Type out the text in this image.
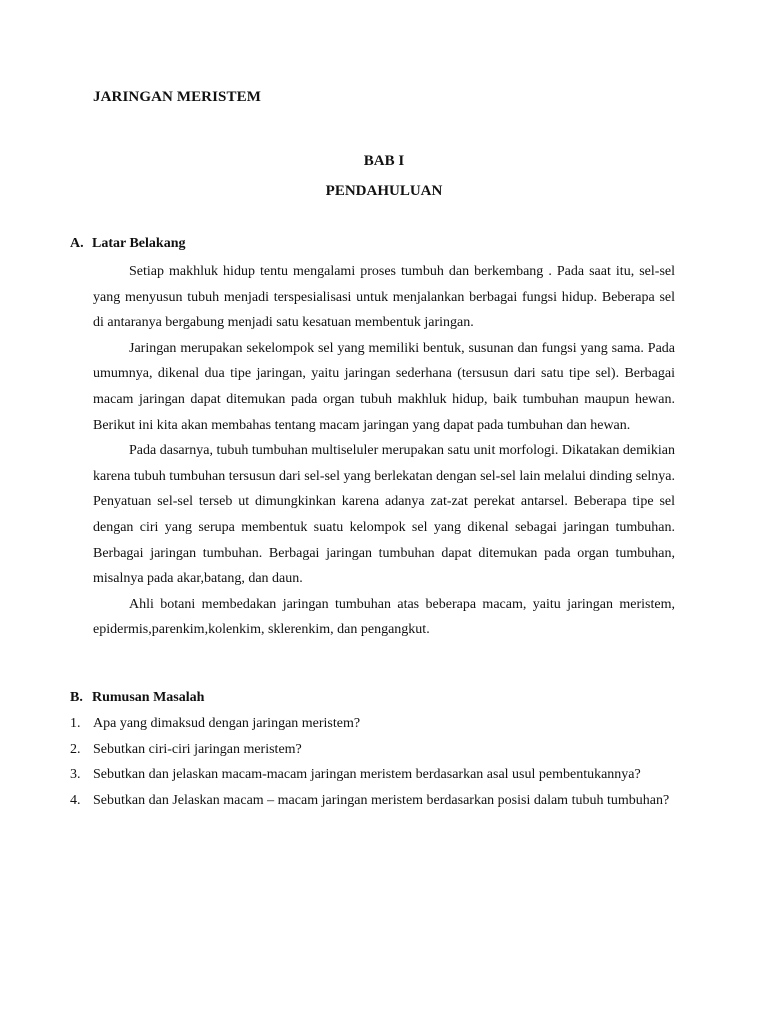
JARINGAN MERISTEM
BAB I
PENDAHULUAN
A. Latar Belakang

Setiap makhluk hidup tentu mengalami proses tumbuh dan berkembang . Pada saat itu, sel-sel yang menyusun tubuh menjadi terspesialisasi untuk menjalankan berbagai fungsi hidup. Beberapa sel di antaranya bergabung menjadi satu kesatuan membentuk jaringan.

Jaringan merupakan sekelompok sel yang memiliki bentuk, susunan dan fungsi yang sama. Pada umumnya, dikenal dua tipe jaringan, yaitu jaringan sederhana (tersusun dari satu tipe sel). Berbagai macam jaringan dapat ditemukan pada organ tubuh makhluk hidup, baik tumbuhan maupun hewan. Berikut ini kita akan membahas tentang macam jaringan yang dapat pada tumbuhan dan hewan.

Pada dasarnya, tubuh tumbuhan multiseluler merupakan satu unit morfologi. Dikatakan demikian karena tubuh tumbuhan tersusun dari sel-sel yang berlekatan dengan sel-sel lain melalui dinding selnya. Penyatuan sel-sel terseb ut dimungkinkan karena adanya zat-zat perekat antarsel. Beberapa tipe sel dengan ciri yang serupa membentuk suatu kelompok sel yang dikenal sebagai jaringan tumbuhan. Berbagai jaringan tumbuhan. Berbagai jaringan tumbuhan dapat ditemukan pada organ tumbuhan, misalnya pada akar,batang, dan daun.

Ahli botani membedakan jaringan tumbuhan atas beberapa macam, yaitu jaringan meristem, epidermis,parenkim,kolenkim, sklerenkim, dan pengangkut.

B. Rumusan Masalah
1. Apa yang dimaksud dengan jaringan meristem?
2. Sebutkan ciri-ciri jaringan meristem?
3. Sebutkan dan jelaskan macam-macam jaringan meristem berdasarkan asal usul pembentukannya?
4. Sebutkan dan Jelaskan macam – macam jaringan meristem berdasarkan posisi dalam tubuh tumbuhan?
